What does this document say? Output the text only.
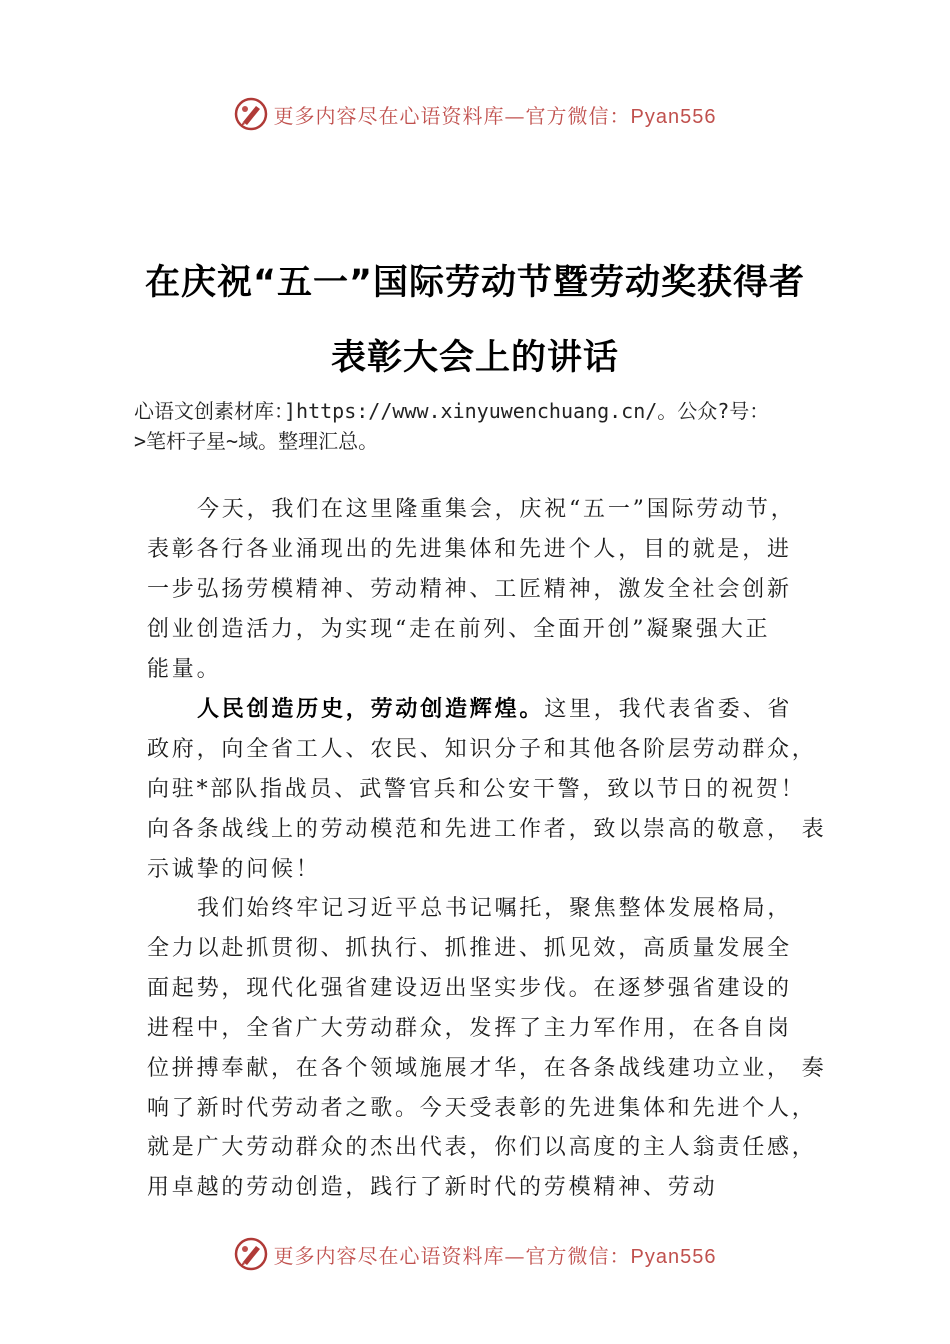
更多内容尽在心语资料库—官方微信：Pyan556
在庆祝“五一”国际劳动节暨劳动奖获得者
表彰大会上的讲话
心语文创素材库：]https://www.xinyuwenchuang.cn/。公众?号：
>笔杆子星~域。整理汇总。
今天，我们在这里隆重集会，庆祝“五一”国际劳动节，
表彰各行各业涌现出的先进集体和先进个人，目的就是，进
一步弘扬劳模精神、劳动精神、工匠精神，激发全社会创新
创业创造活力，为实现“走在前列、全面开创”凝聚强大正
能量。
人民创造历史，劳动创造辉煌。这里，我代表省委、省
政府，向全省工人、农民、知识分子和其他各阶层劳动群众，
向驻*部队指战员、武警官兵和公安干警，致以节日的祝贺！
向各条战线上的劳动模范和先进工作者，致以崇高的敬意， 表
示诚挚的问候！
我们始终牢记习近平总书记嘱托，聚焦整体发展格局，
全力以赴抓贯彻、抓执行、抓推进、抓见效，高质量发展全
面起势，现代化强省建设迈出坚实步伐。在逐梦强省建设的
进程中，全省广大劳动群众，发挥了主力军作用，在各自岗
位拼搏奉献，在各个领域施展才华，在各条战线建功立业， 奏
响了新时代劳动者之歌。今天受表彰的先进集体和先进个人，
就是广大劳动群众的杰出代表，你们以高度的主人翁责任感，
用卓越的劳动创造，践行了新时代的劳模精神、劳动
更多内容尽在心语资料库—官方微信：Pyan556
